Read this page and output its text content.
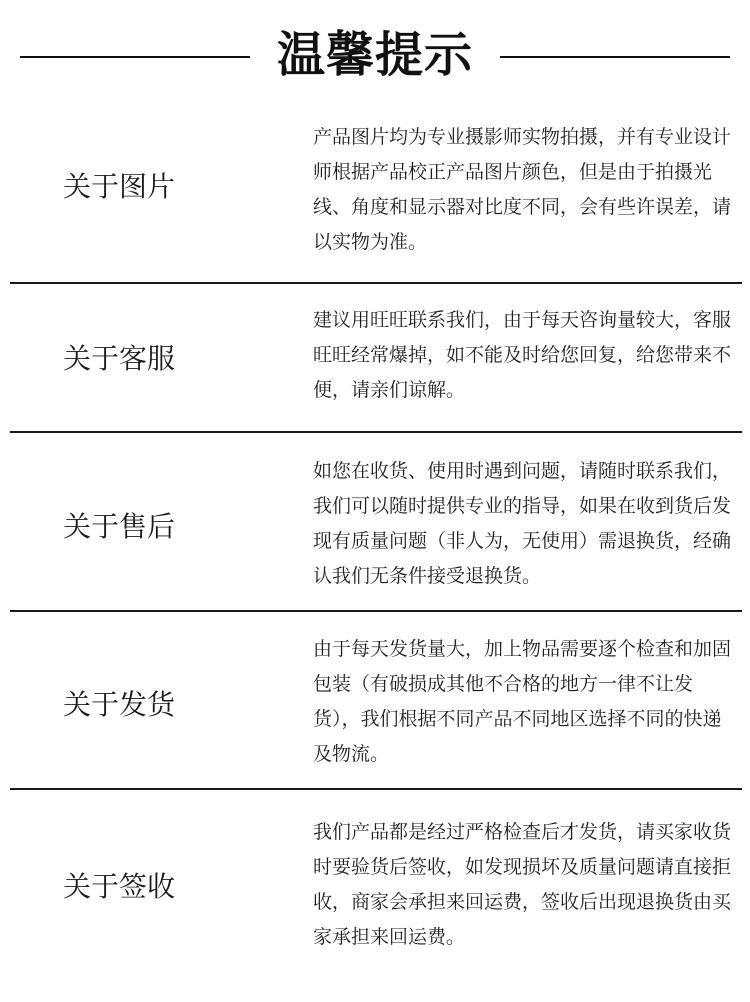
温馨提示
关于图片
产品图片均为专业摄影师实物拍摄，并有专业设计师根据产品校正产品图片颜色，但是由于拍摄光线、角度和显示器对比度不同，会有些许误差，请以实物为准。
关于客服
建议用旺旺联系我们，由于每天咨询量较大，客服旺旺经常爆掉，如不能及时给您回复，给您带来不便，请亲们谅解。
关于售后
如您在收货、使用时遇到问题，请随时联系我们，我们可以随时提供专业的指导，如果在收到货后发现有质量问题（非人为，无使用）需退换货，经确认我们无条件接受退换货。
关于发货
由于每天发货量大，加上物品需要逐个检查和加固包装（有破损成其他不合格的地方一律不让发货），我们根据不同产品不同地区选择不同的快递及物流。
关于签收
我们产品都是经过严格检查后才发货，请买家收货时要验货后签收，如发现损坏及质量问题请直接拒收，商家会承担来回运费，签收后出现退换货由买家承担来回运费。
